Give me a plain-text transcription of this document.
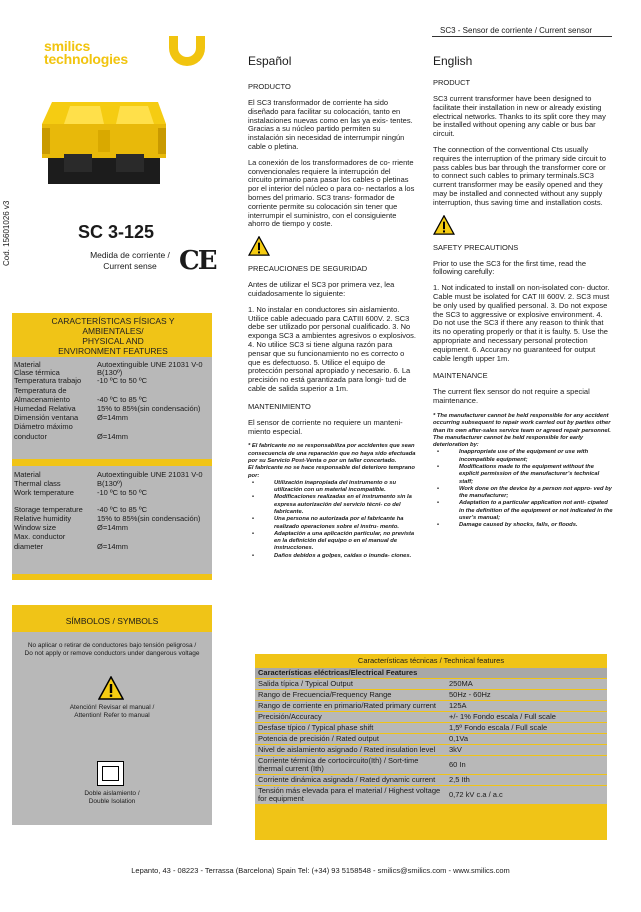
SC3 - Sensor de corriente / Current sensor
smilics
technologies
Cod. 15601026 v3	SC 3-125
Medida de corriente /
Current sense CE
CARACTERÍSTICAS FÍSICAS Y
AMBIENTALES/
PHYSICAL AND
ENVIRONMENT FEATURES
Material	Autoextinguible UNE 21031 V-0
Clase térmica	B(130º)
Temperatura trabajo	-10 ºC to 50 ºC
Temperatura de
Almacenamiento	-40 ºC to 85 ºC
Humedad Relativa	15% to 85%(sin condensación)
Dimensión ventana	Ø=14mm
Diámetro máximo
conductor	Ø=14mm
Material	Autoextinguible UNE 21031 V-0
Thermal class	B(130º)
Work temperature	-10 ºC to 50 ºC
Storage temperature	-40 ºC to 85 ºC
Relative humidity	15% to 85%(sin condensación)
Window size	Ø=14mm
Max. conductor
diameter	Ø=14mm
SÍMBOLOS / SYMBOLS
No aplicar o retirar de conductores bajo tensión peligrosa /
Do not apply or remove conductors under dangerous voltage
Atención! Revisar el manual /
Attention! Refer to manual
Doble aislamiento /
Double Isolation
Español
PRODUCTO

El SC3 transformador de corriente ha sido diseñado para facilitar su colocación, tanto en instalaciones nuevas como en las ya exis- tentes. Gracias a su núcleo partido permiten su instalación sin necesidad de interrumpir ningún cable o pletina.

La conexión de los transformadores de co- rriente convencionales requiere la interrupción del circuito primario para pasar los cables o pletinas por el interior del núcleo o para co- nectarlos a los bornes del primario. SC3 trans- formador de corriente permite su colocación sin tener que interrumpir el suministro, con el consiguiente ahorro de tiempo y coste.

PRECAUCIONES DE SEGURIDAD

Antes de utilizar el SC3 por primera vez, lea cuidadosamente lo siguiente:

1. No instalar en conductores sin aislamiento. Utilice cable adecuado para CATIII 600V. 2. SC3 debe ser utilizado por personal cualificado. 3. No exponga SC3 a ambientes agresivos o explosivos. 4. No utilice SC3 si tiene alguna razón para pensar que su funcionamiento no es correcto o que es defectuoso. 5. Utilice el equipo de protección personal apropiado y necesario. 6. La precisión no está garantizada para longi- tud de cable de salida superior a 1m.

MANTENIMIENTO

El sensor de corriente no requiere un manteni- miento especial.

* El fabricante no se responsabiliza por accidentes que sean consecuencia de una reparación que no haya sido efectuada por su Servicio Post-Venta o por un taller concertado.
El fabricante no se hace responsable del deterioro temprano por:
• Utilización inapropiada del instrumento o su utilización con un material incompatible.
• Modificaciones realizadas en el instrumento sin la expresa autorización del servicio técni- co del fabricante.
• Una persona no autorizada por el fabricante ha realizado operaciones sobre el instru- mento.
• Adaptación a una aplicación particular, no prevista en la definición del equipo o en el manual de instrucciones.
• Daños debidos a golpes, caídas o inunda- ciones.
English
PRODUCT

SC3 current transformer have been designed to facilitate their installation in new or already existing electrical networks. Thanks to its split core they may be installed without opening any cable or bus bar circuit.

The connection of the conventional Cts usually requires the interruption of the primary side circuit to pass cables bus bar through the transformer core or to connect such cables to primary terminals.SC3 current transformer may be easily opened and they may be installed and connected without any supply interruption, thus saving time and installation costs.

SAFETY PRECAUTIONS

Prior to use the SC3 for the first time, read the following carefully:

1. Not indicated to install on non-isolated con- ductor. Cable must be isolated for CAT III 600V. 2. SC3 must be only used by qualified personal. 3. Do not expose the SC3 to aggressive or explosive environment. 4. Do not use the SC3 if there any reason to think that its no operating properly or that it is faulty. 5. Use the appropriate and necessary personal protection equipment. 6. Accuracy no guaranteed for output cable length upper 1m.

MAINTENANCE

The current flex sensor do not require a special maintenance.

* The manufacturer cannot be held responsible for any accident occurring subsequent to repair work carried out by parties other than its own after-sales service team or agreed repair personnel.
The manufacturer cannot be held responsible for early deterioration by:
• Inappropriate use of the equipment or use with incompatible equipment;
• Modifications made to the equipment without the explicit permission of the manufacturer’s technical staff;
• Work done on the device by a person not appro- ved by the manufacturer;
• Adaptation to a particular application not anti- cipated in the definition of the equipment or not indicated in the user’s manual;
• Damage caused by shocks, falls, or floods.
Características técnicas / Technical features
Características eléctricas/Electrical Features	
Salida típica / Typical Output	250MA
Rango de Frecuencia/Frequency Range	50Hz - 60Hz
Rango de corriente en primario/Rated primary current	125A
Precisión/Accuracy	+/- 1% Fondo escala / Full scale
Desfase típico / Typical phase shift	1,5º Fondo escala / Full scale
Potencia de precisión / Rated output	0,1Va
Nivel de aislamiento asignado / Rated insulation level	3kV
Corriente térmica de cortocircuito(Ith) / Sort-time thermal current (Ith)	60 In
Corriente dinámica asignada / Rated dynamic current	2,5 Ith
Tensión más elevada para el material / Highest voltage for equipment	0,72 kV c.a / a.c
Lepanto, 43 - 08223 - Terrassa (Barcelona) Spain Tel: (+34) 93 5158548 - smilics@smilics.com - www.smilics.com
